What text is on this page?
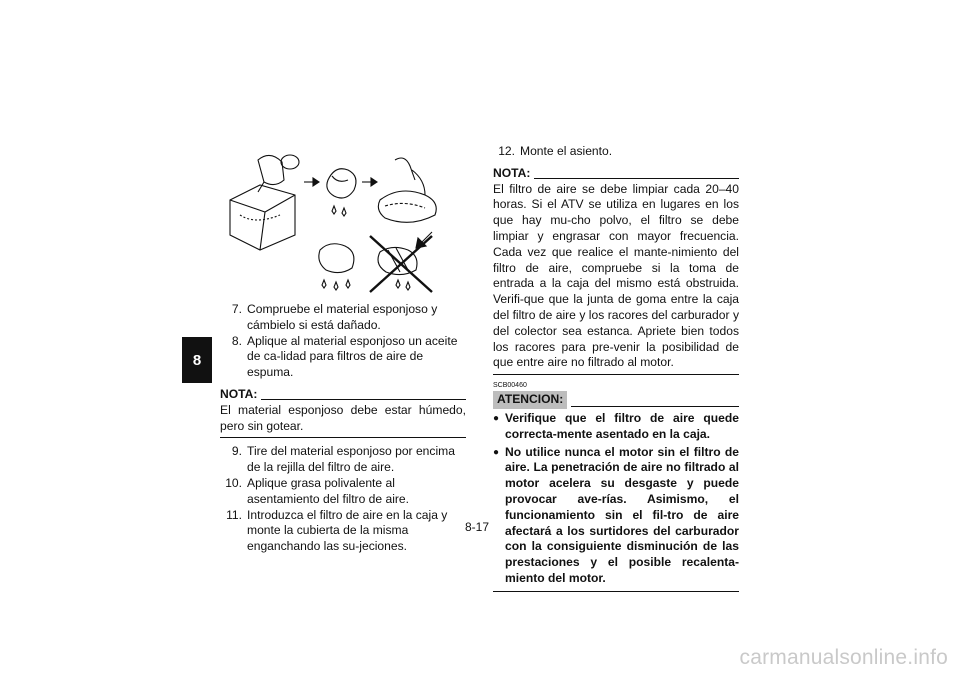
8
7. Compruebe el material esponjoso y cámbielo si está dañado.
8. Aplique al material esponjoso un aceite de ca-lidad para filtros de aire de espuma.
NOTA:
El material esponjoso debe estar húmedo, pero sin gotear.
9. Tire del material esponjoso por encima de la rejilla del filtro de aire.
10. Aplique grasa polivalente al asentamiento del filtro de aire.
11. Introduzca el filtro de aire en la caja y monte la cubierta de la misma enganchando las su-jeciones.
12. Monte el asiento.
NOTA:
El filtro de aire se debe limpiar cada 20–40 horas. Si el ATV se utiliza en lugares en los que hay mu-cho polvo, el filtro se debe limpiar y engrasar con mayor frecuencia. Cada vez que realice el mante-nimiento del filtro de aire, compruebe si la toma de entrada a la caja del mismo está obstruida. Verifi-que que la junta de goma entre la caja del filtro de aire y los racores del carburador y del colector sea estanca. Apriete bien todos los racores para pre-venir la posibilidad de que entre aire no filtrado al motor.
SCB00460
ATENCION:
● Verifique que el filtro de aire quede correcta-mente asentado en la caja.
● No utilice nunca el motor sin el filtro de aire. La penetración de aire no filtrado al motor acelera su desgaste y puede provocar ave-rías. Asimismo, el funcionamiento sin el fil-tro de aire afectará a los surtidores del carburador con la consiguiente disminución de las prestaciones y el posible recalenta-miento del motor.
8-17
carmanualsonline.info
